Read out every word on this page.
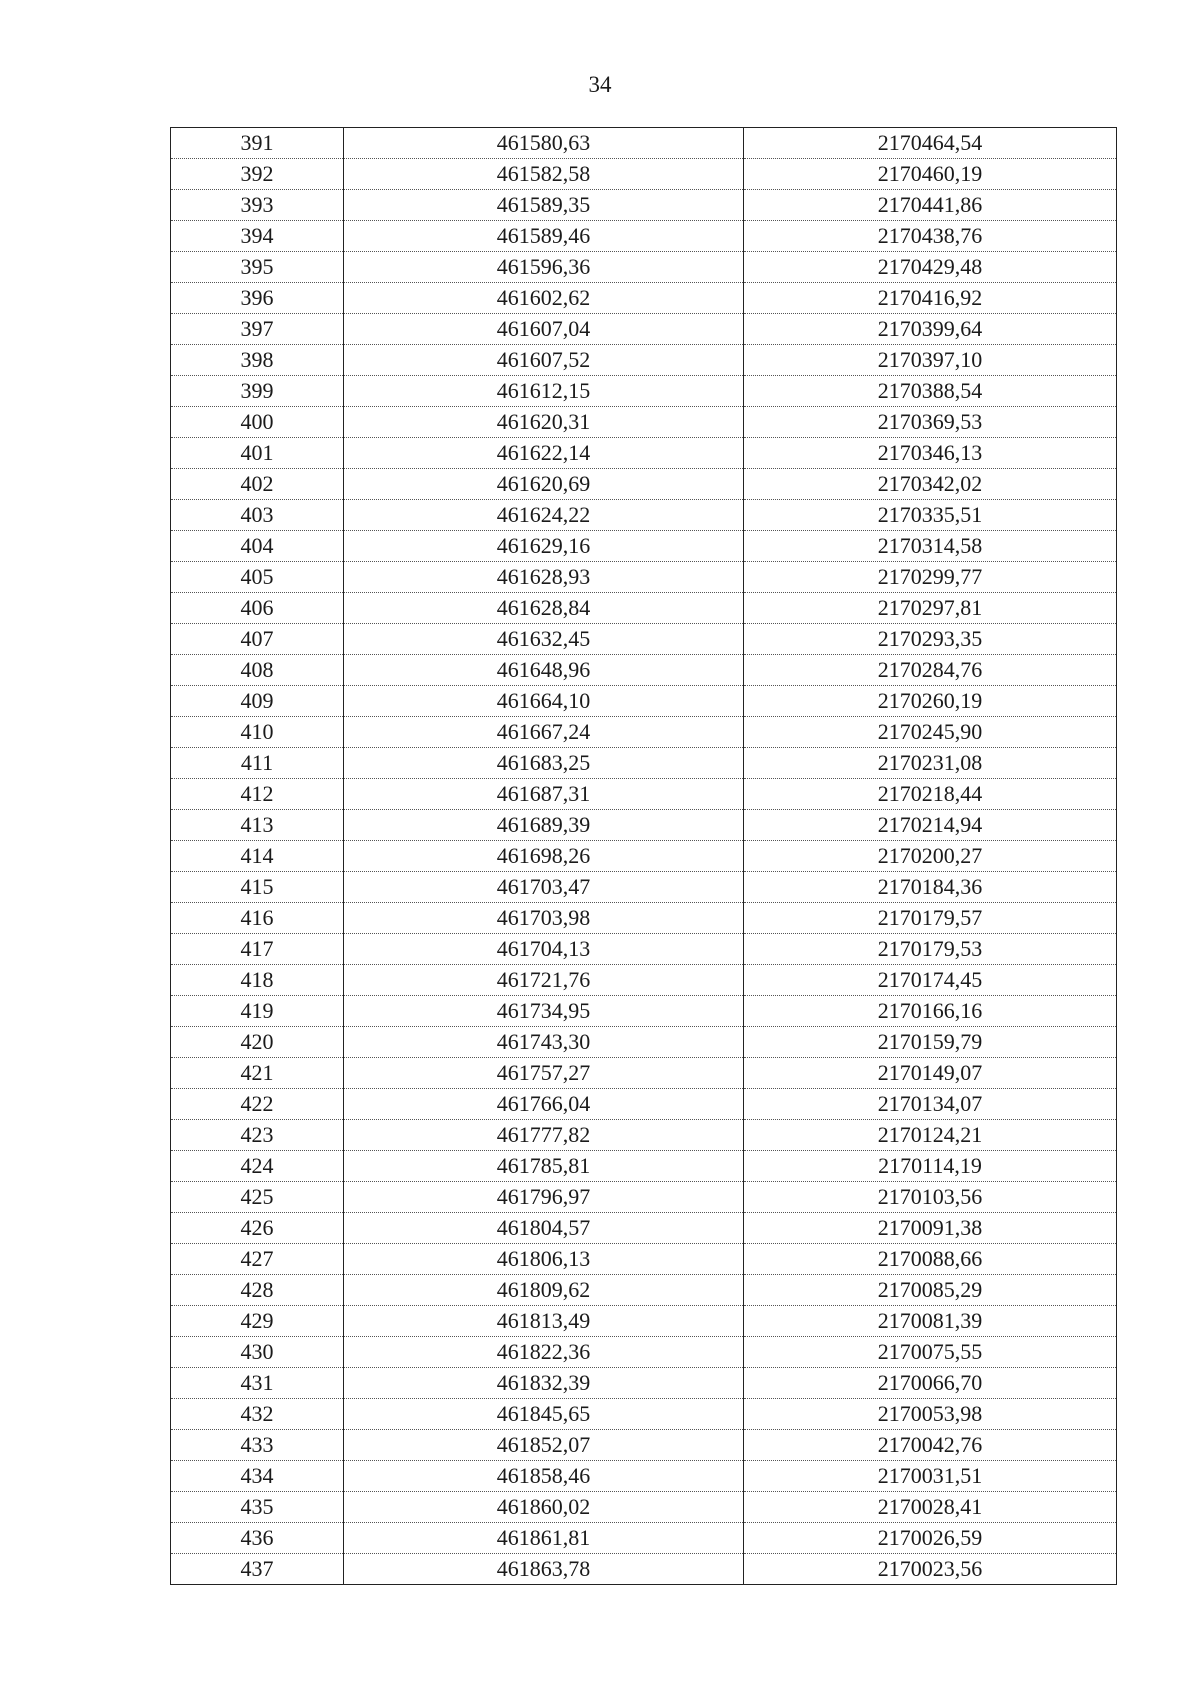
34
391	461580,63	2170464,54
392	461582,58	2170460,19
393	461589,35	2170441,86
394	461589,46	2170438,76
395	461596,36	2170429,48
396	461602,62	2170416,92
397	461607,04	2170399,64
398	461607,52	2170397,10
399	461612,15	2170388,54
400	461620,31	2170369,53
401	461622,14	2170346,13
402	461620,69	2170342,02
403	461624,22	2170335,51
404	461629,16	2170314,58
405	461628,93	2170299,77
406	461628,84	2170297,81
407	461632,45	2170293,35
408	461648,96	2170284,76
409	461664,10	2170260,19
410	461667,24	2170245,90
411	461683,25	2170231,08
412	461687,31	2170218,44
413	461689,39	2170214,94
414	461698,26	2170200,27
415	461703,47	2170184,36
416	461703,98	2170179,57
417	461704,13	2170179,53
418	461721,76	2170174,45
419	461734,95	2170166,16
420	461743,30	2170159,79
421	461757,27	2170149,07
422	461766,04	2170134,07
423	461777,82	2170124,21
424	461785,81	2170114,19
425	461796,97	2170103,56
426	461804,57	2170091,38
427	461806,13	2170088,66
428	461809,62	2170085,29
429	461813,49	2170081,39
430	461822,36	2170075,55
431	461832,39	2170066,70
432	461845,65	2170053,98
433	461852,07	2170042,76
434	461858,46	2170031,51
435	461860,02	2170028,41
436	461861,81	2170026,59
437	461863,78	2170023,56
